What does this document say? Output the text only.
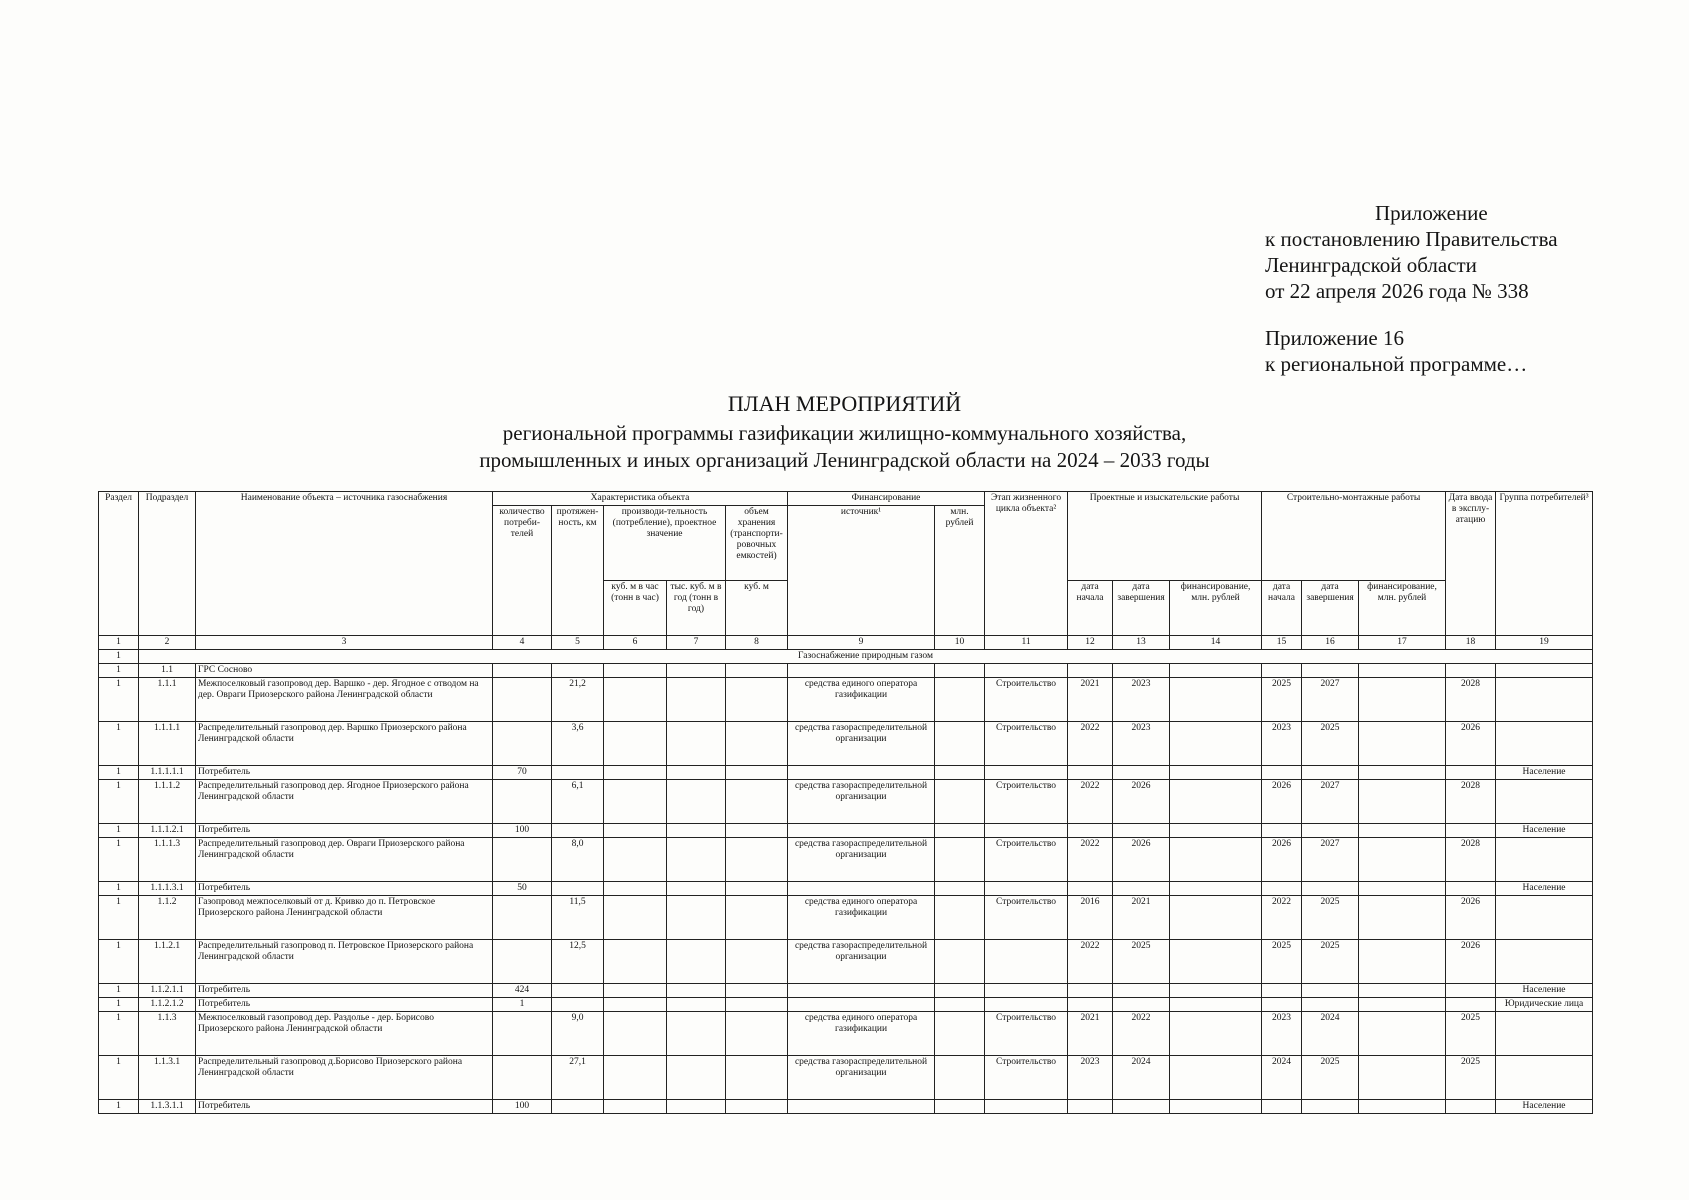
Приложение
к постановлению Правительства
Ленинградской области
от 22 апреля 2026 года № 338
Приложение 16
к региональной программе…
ПЛАН МЕРОПРИЯТИЙ
региональной программы газификации жилищно-коммунального хозяйства,
промышленных и иных организаций Ленинградской области на 2024 – 2033 годы
Раздел	Подраздел	Наименование объекта – источника газоснабжения	Характеристика объекта					Финансирование		Этап жизненного цикла объекта²	Проектные и изыскательские работы			Строительно-монтажные работы			Дата ввода в эксплу-атацию	Группа потребителей³
			количество потреби-телей	протяжен-ность, км	производи-тельность (потребление), проектное значение		объем хранения (транспорти-ровочных емкостей)	источник¹	млн. рублей									
					куб. м в час (тонн в час)	тыс. куб. м в год (тонн в год)	куб. м				дата начала	дата завершения	финансирование, млн. рублей	дата начала	дата завершения	финансирование, млн. рублей		
1	2	3	4	5	6	7	8	9	10	11	12	13	14	15	16	17	18	19
1	Газоснабжение природным газом																	
1	1.1	ГРС Сосново																
1	1.1.1	Межпоселковый газопровод дер. Варшко - дер. Ягодное с отводом на дер. Овраги Приозерского района Ленинградской области		21,2				средства единого оператора газификации		Строительство	2021	2023		2025	2027		2028	
1	1.1.1.1	Распределительный газопровод дер. Варшко Приозерского района Ленинградской области		3,6				средства газораспределительной организации		Строительство	2022	2023		2023	2025		2026	
1	1.1.1.1.1	Потребитель	70															Население
1	1.1.1.2	Распределительный газопровод дер. Ягодное Приозерского района Ленинградской области		6,1				средства газораспределительной организации		Строительство	2022	2026		2026	2027		2028	
1	1.1.1.2.1	Потребитель	100															Население
1	1.1.1.3	Распределительный газопровод дер. Овраги Приозерского района Ленинградской области		8,0				средства газораспределительной организации		Строительство	2022	2026		2026	2027		2028	
1	1.1.1.3.1	Потребитель	50															Население
1	1.1.2	Газопровод межпоселковый от д. Кривко до п. Петровское Приозерского района Ленинградской области		11,5				средства единого оператора газификации		Строительство	2016	2021		2022	2025		2026	
1	1.1.2.1	Распределительный газопровод п. Петровское Приозерского района Ленинградской области		12,5				средства газораспределительной организации			2022	2025		2025	2025		2026	
1	1.1.2.1.1	Потребитель	424															Население
1	1.1.2.1.2	Потребитель	1															Юридические лица
1	1.1.3	Межпоселковый газопровод дер. Раздолье - дер. Борисово Приозерского района Ленинградской области		9,0				средства единого оператора газификации		Строительство	2021	2022		2023	2024		2025	
1	1.1.3.1	Распределительный газопровод д.Борисово Приозерского района Ленинградской области		27,1				средства газораспределительной организации		Строительство	2023	2024		2024	2025		2025	
1	1.1.3.1.1	Потребитель	100															Население
